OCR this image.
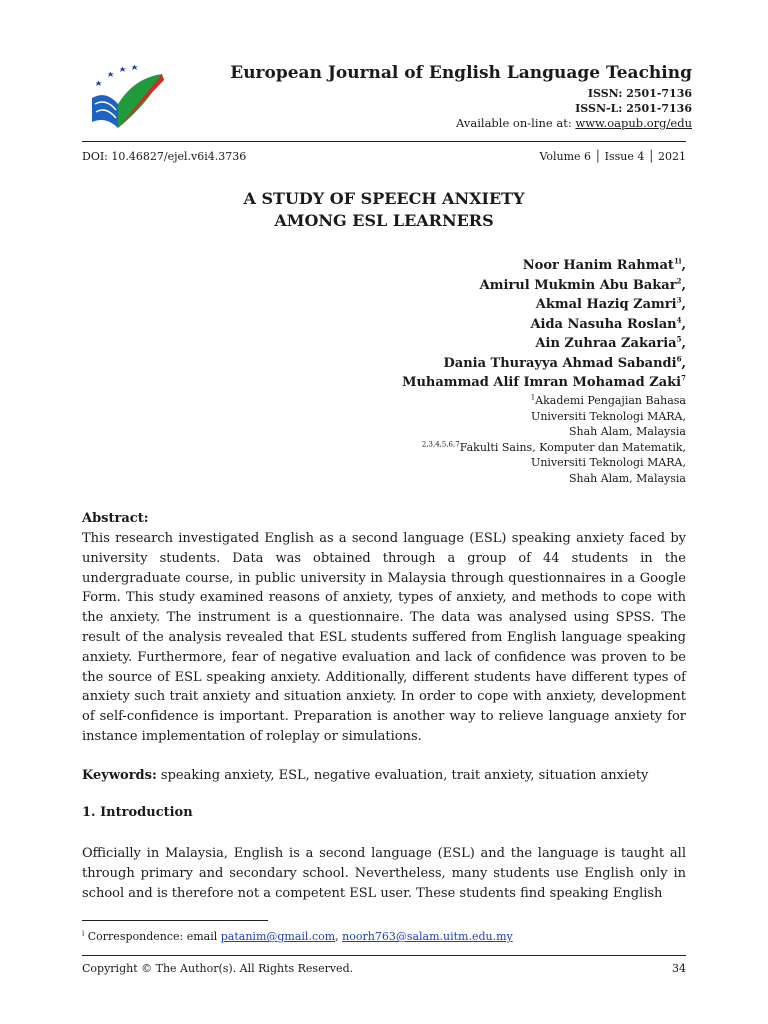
European Journal of English Language Teaching
ISSN: 2501-7136
ISSN-L: 2501-7136
Available on-line at: www.oapub.org/edu
DOI: 10.46827/ejel.v6i4.3736	Volume 6 │ Issue 4 │ 2021
A STUDY OF SPEECH ANXIETY
AMONG ESL LEARNERS
Noor Hanim Rahmat$^{1i}$,
Amirul Mukmin Abu Bakar$^2$,
Akmal Haziq Zamri$^3$,
Aida Nasuha Roslan$^4$,
Ain Zuhraa Zakaria$^5$,
Dania Thurayya Ahmad Sabandi$^6$,
Muhammad Alif Imran Mohamad Zaki$^7$
$^1$Akademi Pengajian Bahasa
Universiti Teknologi MARA,
Shah Alam, Malaysia
$^{2,3,4,5,6,7}$Fakulti Sains, Komputer dan Matematik,
Universiti Teknologi MARA,
Shah Alam, Malaysia
Abstract:
This research investigated English as a second language (ESL) speaking anxiety faced by university students. Data was obtained through a group of 44 students in the undergraduate course, in public university in Malaysia through questionnaires in a Google Form. This study examined reasons of anxiety, types of anxiety, and methods to cope with the anxiety. The instrument is a questionnaire. The data was analysed using SPSS. The result of the analysis revealed that ESL students suffered from English language speaking anxiety. Furthermore, fear of negative evaluation and lack of confidence was proven to be the source of ESL speaking anxiety. Additionally, different students have different types of anxiety such trait anxiety and situation anxiety. In order to cope with anxiety, development of self-confidence is important. Preparation is another way to relieve language anxiety for instance implementation of roleplay or simulations.
Keywords: speaking anxiety, ESL, negative evaluation, trait anxiety, situation anxiety
1. Introduction
Officially in Malaysia, English is a second language (ESL) and the language is taught all through primary and secondary school. Nevertheless, many students use English only in school and is therefore not a competent ESL user. These students find speaking English
$^i$ Correspondence: email patanim@gmail.com, noorh763@salam.uitm.edu.my
Copyright © The Author(s). All Rights Reserved.	34
